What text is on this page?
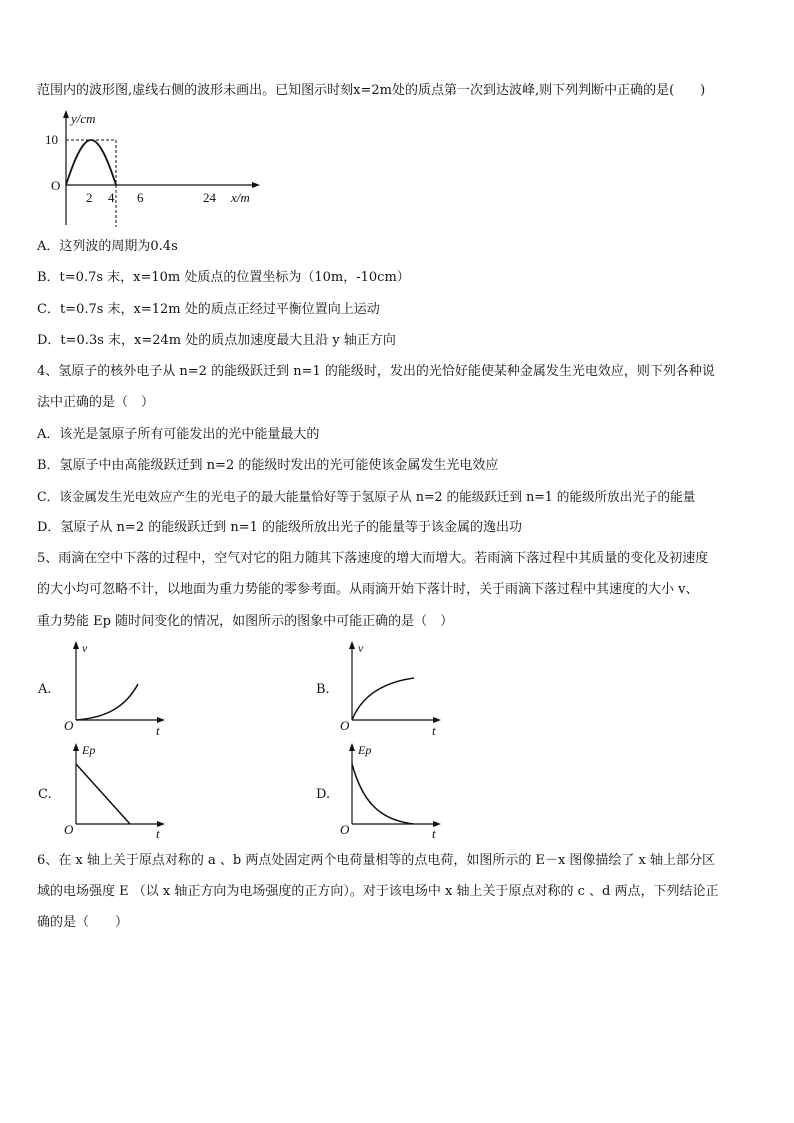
范围内的波形图,虚线右侧的波形未画出。已知图示时刻x=2m处的质点第一次到达波峰,则下列判断中正确的是(　　)
y/cm
10
O
2 4 6	24 x/m
A．这列波的周期为0.4s
B．t=0.7s 末，x=10m 处质点的位置坐标为（10m，-10cm）
C．t=0.7s 末，x=12m 处的质点正经过平衡位置向上运动
D．t=0.3s 末，x=24m 处的质点加速度最大且沿 y 轴正方向
4、氢原子的核外电子从 n=2 的能级跃迁到 n=1 的能级时，发出的光恰好能使某种金属发生光电效应，则下列各种说
法中正确的是（　）
A．该光是氢原子所有可能发出的光中能量最大的
B．氢原子中由高能级跃迁到 n=2 的能级时发出的光可能使该金属发生光电效应
C．该金属发生光电效应产生的光电子的最大能量恰好等于氢原子从 n=2 的能级跃迁到 n=1 的能级所放出光子的能量
D．氢原子从 n=2 的能级跃迁到 n=1 的能级所放出光子的能量等于该金属的逸出功
5、雨滴在空中下落的过程中，空气对它的阻力随其下落速度的增大而增大。若雨滴下落过程中其质量的变化及初速度
的大小均可忽略不计，以地面为重力势能的零参考面。从雨滴开始下落计时，关于雨滴下落过程中其速度的大小 v、
重力势能 Ep 随时间变化的情况，如图所示的图象中可能正确的是（　）
A.
v
O	t
B.
v
O	t
C.
Ep
O	t
D.
Ep
O	t
6、在 x 轴上关于原点对称的 a 、b 两点处固定两个电荷量相等的点电荷，如图所示的 E－x 图像描绘了 x 轴上部分区
域的电场强度 E （以 x 轴正方向为电场强度的正方向）。对于该电场中 x 轴上关于原点对称的 c 、d 两点，下列结论正
确的是（　　）
